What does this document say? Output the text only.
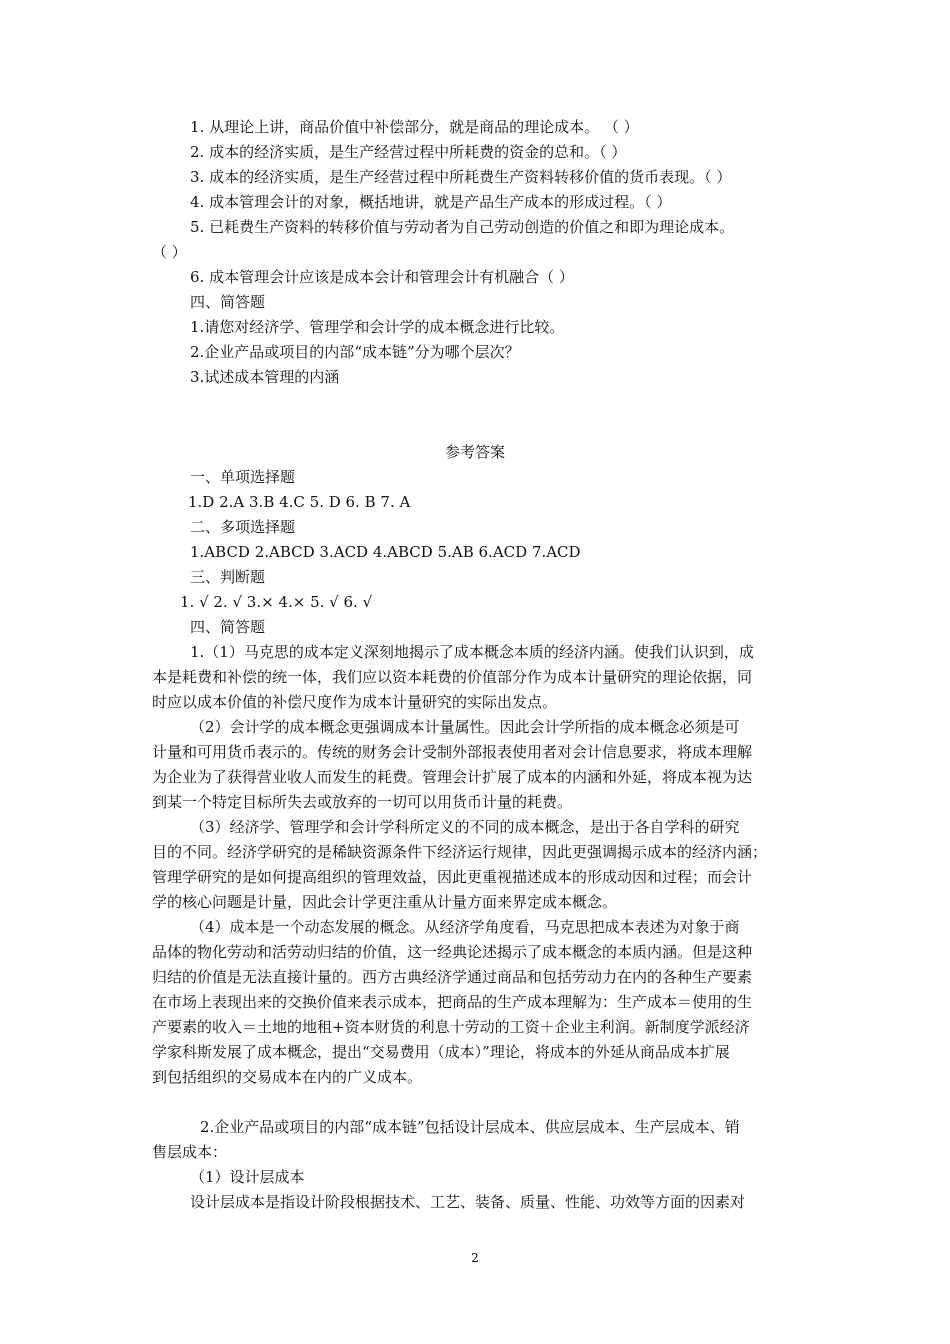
1. 从理论上讲，商品价值中补偿部分，就是商品的理论成本。 （ ）
2. 成本的经济实质，是生产经营过程中所耗费的资金的总和。（ ）
3. 成本的经济实质，是生产经营过程中所耗费生产资料转移价值的货币表现。（ ）
4. 成本管理会计的对象，概括地讲，就是产品生产成本的形成过程。（ ）
5. 已耗费生产资料的转移价值与劳动者为自己劳动创造的价值之和即为理论成本。
（ ）
6. 成本管理会计应该是成本会计和管理会计有机融合（ ）
四、简答题
1.请您对经济学、管理学和会计学的成本概念进行比较。
2.企业产品或项目的内部“成本链”分为哪个层次？
3.试述成本管理的内涵
参考答案
一、单项选择题
1.D 2.A 3.B 4.C 5. D 6. B 7. A
二、多项选择题
1.ABCD 2.ABCD 3.ACD 4.ABCD 5.AB 6.ACD 7.ACD
三、判断题
1. √ 2. √ 3.× 4.× 5. √ 6. √
四、简答题
1.（1）马克思的成本定义深刻地揭示了成本概念本质的经济内涵。使我们认识到，成
本是耗费和补偿的统一体，我们应以资本耗费的价值部分作为成本计量研究的理论依据，同
时应以成本价值的补偿尺度作为成本计量研究的实际出发点。
（2）会计学的成本概念更强调成本计量属性。因此会计学所指的成本概念必须是可
计量和可用货币表示的。传统的财务会计受制外部报表使用者对会计信息要求，将成本理解
为企业为了获得营业收人而发生的耗费。管理会计扩展了成本的内涵和外延，将成本视为达
到某一个特定目标所失去或放弃的一切可以用货币计量的耗费。
（3）经济学、管理学和会计学科所定义的不同的成本概念，是出于各自学科的研究
目的不同。经济学研究的是稀缺资源条件下经济运行规律，因此更强调揭示成本的经济内涵；
管理学研究的是如何提高组织的管理效益，因此更重视描述成本的形成动因和过程；而会计
学的核心问题是计量，因此会计学更注重从计量方面来界定成本概念。
（4）成本是一个动态发展的概念。从经济学角度看，马克思把成本表述为对象于商
品体的物化劳动和活劳动归结的价值，这一经典论述揭示了成本概念的本质内涵。但是这种
归结的价值是无法直接计量的。西方古典经济学通过商品和包括劳动力在内的各种生产要素
在市场上表现出来的交换价值来表示成本，把商品的生产成本理解为：生产成本＝使用的生
产要素的收入＝土地的地租+资本财货的利息十劳动的工资＋企业主利润。新制度学派经济
学家科斯发展了成本概念，提出“交易费用（成本）”理论，将成本的外延从商品成本扩展
到包括组织的交易成本在内的广义成本。
2.企业产品或项目的内部“成本链”包括设计层成本、供应层成本、生产层成本、销
售层成本：
（1）设计层成本
设计层成本是指设计阶段根据技术、工艺、装备、质量、性能、功效等方面的因素对
2
